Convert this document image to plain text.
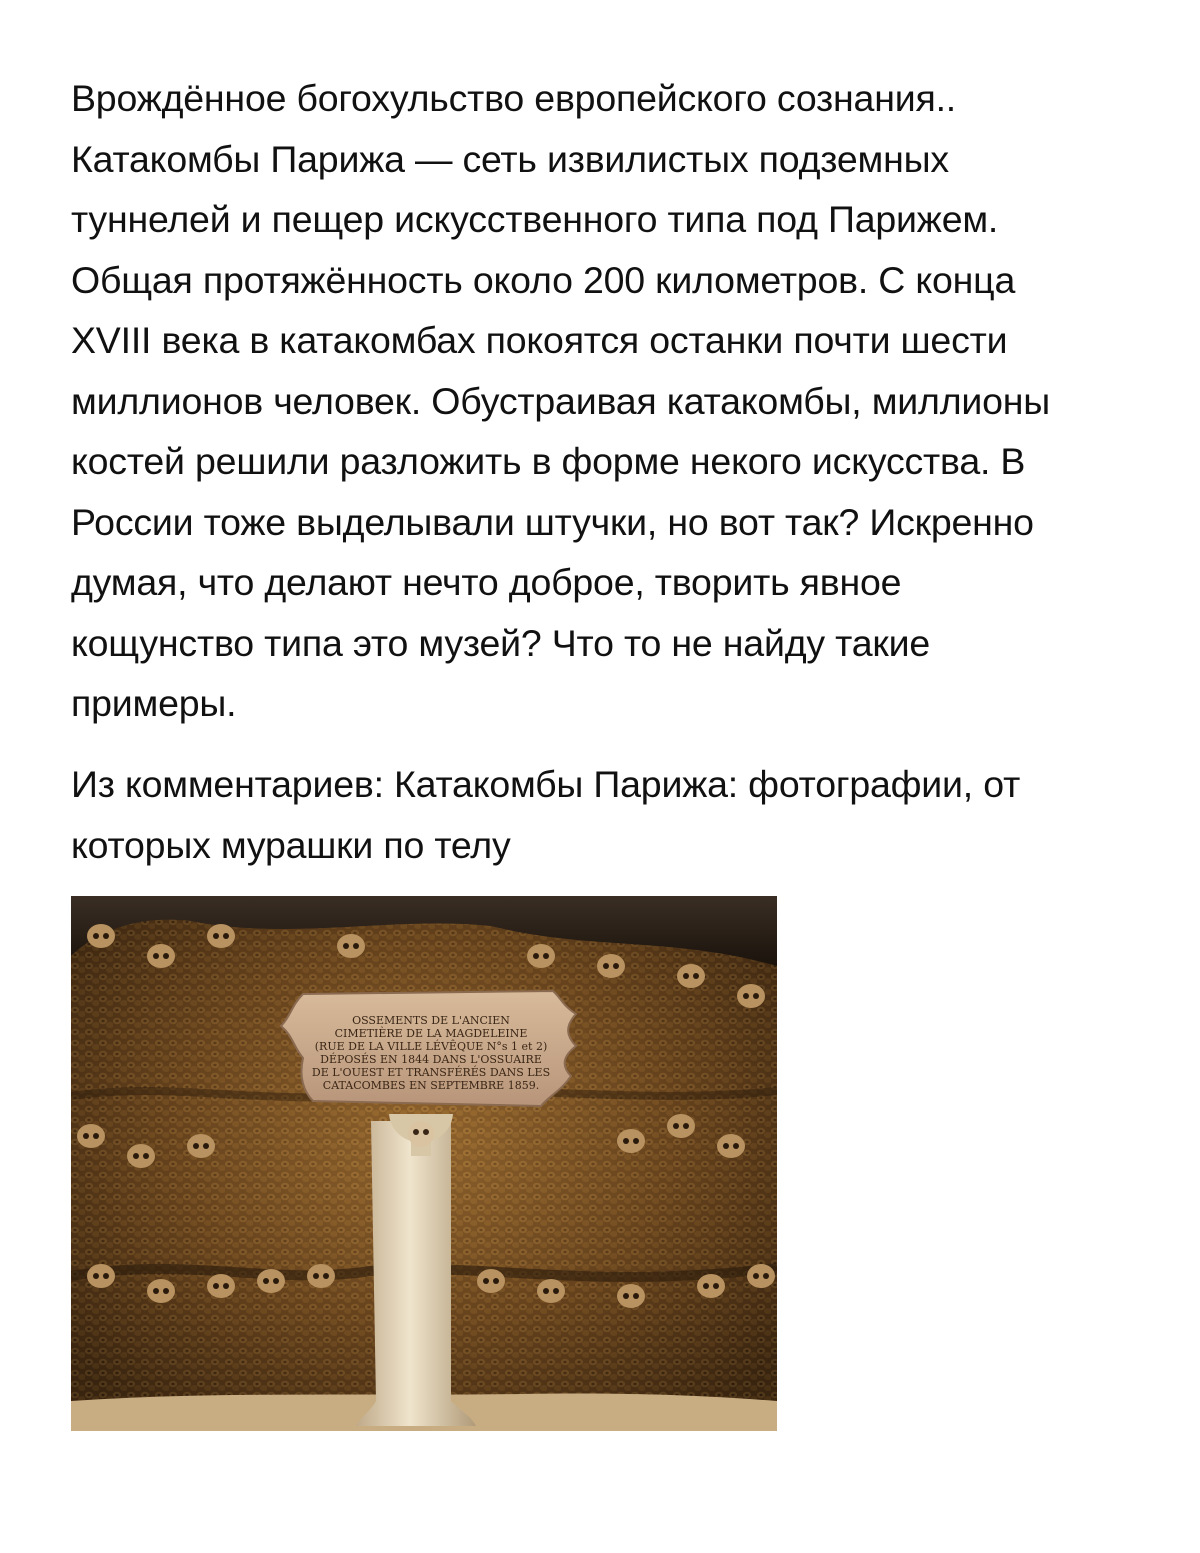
Врождённое богохульство европейского сознания..
Катакомбы Парижа — сеть извилистых подземных
туннелей и пещер искусственного типа под Парижем.
Общая протяжённость около 200 километров. С конца
XVIII века в катакомбах покоятся останки почти шести
миллионов человек. Обустраивая катакомбы, миллионы
костей решили разложить в форме некого искусства. В
России тоже выделывали штучки, но вот так? Искренно
думая, что делают нечто доброе, творить явное
кощунство типа это музей? Что то не найду такие
примеры.
Из комментариев: Катакомбы Парижа: фотографии, от
которых мурашки по телу
OSSEMENTS DE L'ANCIEN
CIMETIÈRE DE LA MAGDELEINE
(RUE DE LA VILLE LÉVÊQUE N°s 1 et 2)
DÉPOSÉS EN 1844 DANS L'OSSUAIRE
DE L'OUEST ET TRANSFÉRÉS DANS LES
CATACOMBES EN SEPTEMBRE 1859.
